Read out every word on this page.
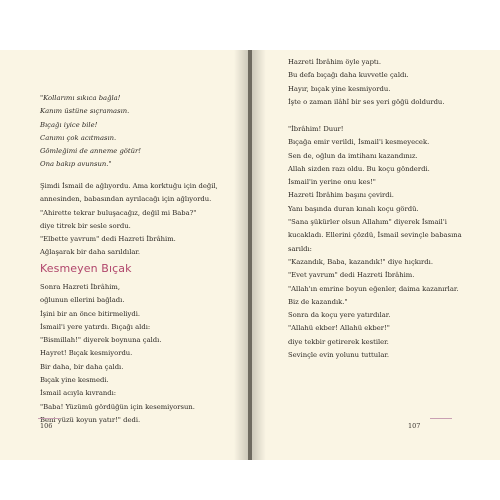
"Kollarımı sıkıca bağla!
Kanım üstüne sıçramasın.
Bıçağı iyice bile!
Canımı çok acıtmasın.
Gömleğimi de anneme götür!
Ona bakıp avunsun."
Şimdi İsmail de ağlıyordu. Ama korktuğu için değil,
annesinden, babasından ayrılacağı için ağlıyordu.
"Ahirette tekrar buluşacağız, değil mi Baba?"
diye titrek bir sesle sordu.
"Elbette yavrum" dedi Hazreti İbrâhim.
Ağlaşarak bir daha sarıldılar.
Kesmeyen Bıçak
Sonra Hazreti İbrâhim,
oğlunun ellerini bağladı.
İşini bir an önce bitirmeliydi.
İsmail'i yere yatırdı. Bıçağı aldı:
"Bismillah!" diyerek boynuna çaldı.
Hayret! Bıçak kesmiyordu.
Bir daha, bir daha çaldı.
Bıçak yine kesmedi.
İsmail acıyla kıvrandı:
"Baba! Yüzümü gördüğün için kesemiyorsun.
Beni yüzü koyun yatır!" dedi.
106
Hazreti İbrâhim öyle yaptı.
Bu defa bıçağı daha kuvvetle çaldı.
Hayır, bıçak yine kesmiyordu.
İşte o zaman ilâhî bir ses yeri göğü doldurdu.
"İbrâhim! Duur!
Bıçağa emir verildi, İsmail'i kesmeyecek.
Sen de, oğlun da imtihanı kazandınız.
Allah sizden razı oldu. Bu koçu gönderdi.
İsmail'in yerine onu kes!"
Hazreti İbrâhim başını çevirdi.
Yanı başında duran kınalı koçu gördü.
"Sana şükürler olsun Allahım" diyerek İsmail'i
kucakladı. Ellerini çözdü, İsmail sevinçle babasına
sarıldı:
"Kazandık, Baba, kazandık!" diye hıçkırdı.
"Evet yavrum" dedi Hazreti İbrâhim.
"Allah'ın emrine boyun eğenler, daima kazanırlar.
Biz de kazandık."
Sonra da koçu yere yatırdılar.
"Allahü ekber! Allahü ekber!"
diye tekbir getirerek kestiler.
Sevinçle evin yolunu tuttular.
107
